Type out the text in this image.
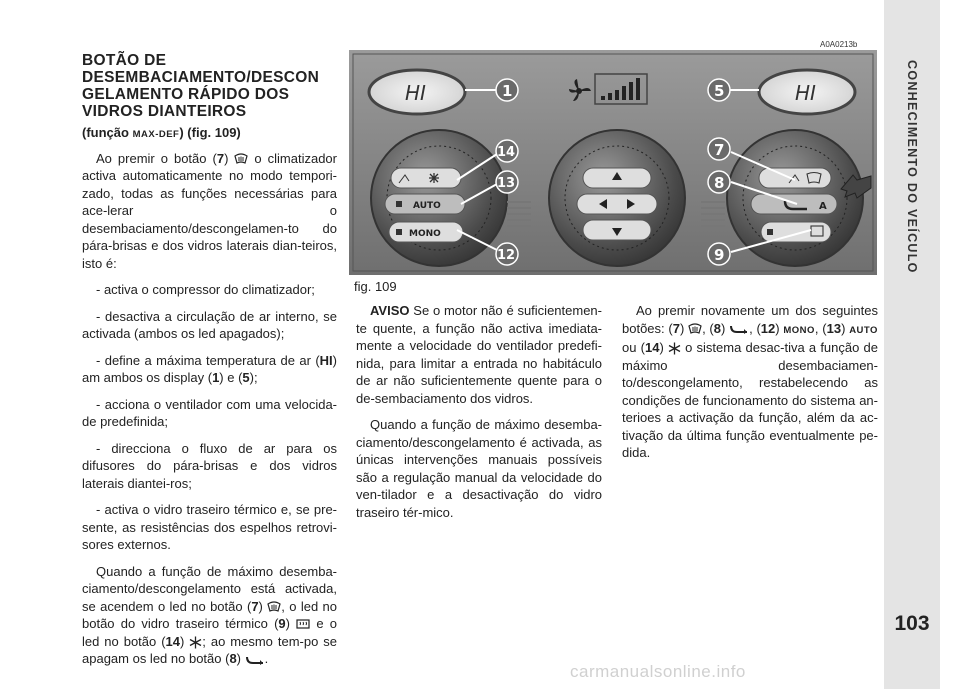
CONHECIMENTO DO VEÍCULO
103
BOTÃO DE
DESEMBACIAMENTO/DESCON
GELAMENTO RÁPIDO DOS
VIDROS DIANTEIROS
(função MAX-DEF) (fig. 109)

Ao premir o botão (7)  o climatizador activa automaticamente no modo tempori-zado, todas as funções necessárias para ace-lerar o desembaciamento/descongelamen-to do pára-brisas e dos vidros laterais dian-teiros, isto é:

- activa o compressor do climatizador;

- desactiva a circulação de ar interno, se activada (ambos os led apagados);

- define a máxima temperatura de ar (HI) am ambos os display (1) e (5);

- acciona o ventilador com uma velocida-de predefinida;

- direcciona o fluxo de ar para os difusores do pára-brisas e dos vidros laterais diantei-ros;

- activa o vidro traseiro térmico e, se pre-sente, as resistências dos espelhos retrovi-sores externos.

Quando a função de máximo desemba-ciamento/descongelamento está activada, se acendem o led no botão (7) , o led no botão do vidro traseiro térmico (9)  e o led no botão (14) ; ao mesmo tem-po se apagam os led no botão (8) .

A0A0213b
HI	HI
AUTO
MONO
A
1	5
14
13
12
7
8
9
fig. 109

AVISO Se o motor não é suficientemen-te quente, a função não activa imediata-mente a velocidade do ventilador predefi-nida, para limitar a entrada no habitáculo de ar não suficientemente quente para o de-sembaciamento dos vidros.

Quando a função de máximo desemba-ciamento/descongelamento é activada, as únicas intervenções manuais possíveis são a regulação manual da velocidade do ven-tilador e a desactivação do vidro traseiro tér-mico.

Ao premir novamente um dos seguintes botões: (7) , (8) , (12) MONO, (13) AUTO ou (14)  o sistema desac-tiva a função de máximo desembaciamen-to/descongelamento, restabelecendo as condições de funcionamento do sistema an-terioes a activação da função, além da ac-tivação da última função eventualmente pe-dida.

carmanualsonline.info
